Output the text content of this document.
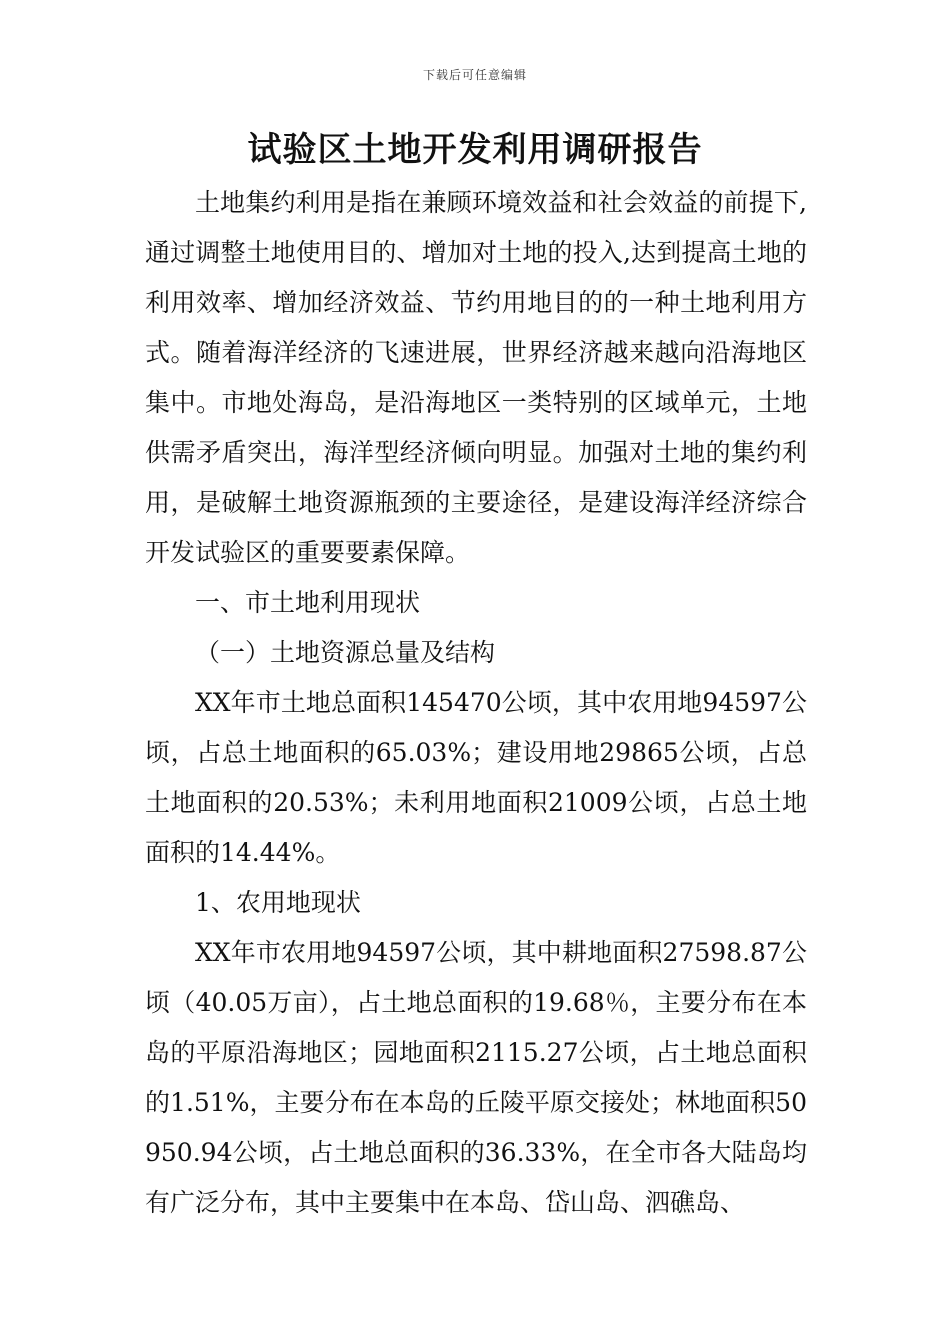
下载后可任意编辑
试验区土地开发利用调研报告

土地集约利用是指在兼顾环境效益和社会效益的前提下,通过调整土地使用目的、增加对土地的投入,达到提高土地的利用效率、增加经济效益、节约用地目的的一种土地利用方式。随着海洋经济的飞速进展，世界经济越来越向沿海地区集中。市地处海岛，是沿海地区一类特别的区域单元，土地供需矛盾突出，海洋型经济倾向明显。加强对土地的集约利用，是破解土地资源瓶颈的主要途径，是建设海洋经济综合开发试验区的重要要素保障。

一、市土地利用现状

（一）土地资源总量及结构

XX年市土地总面积145470公顷，其中农用地94597公顷，占总土地面积的65.03%；建设用地29865公顷，占总土地面积的20.53%；未利用地面积21009公顷，占总土地面积的14.44%。

1、农用地现状

XX年市农用地94597公顷，其中耕地面积27598.87公顷（40.05万亩），占土地总面积的19.68％，主要分布在本岛的平原沿海地区；园地面积2115.27公顷，占土地总面积的1.51%，主要分布在本岛的丘陵平原交接处；林地面积50950.94公顷，占土地总面积的36.33%，在全市各大陆岛均有广泛分布，其中主要集中在本岛、岱山岛、泗礁岛、
